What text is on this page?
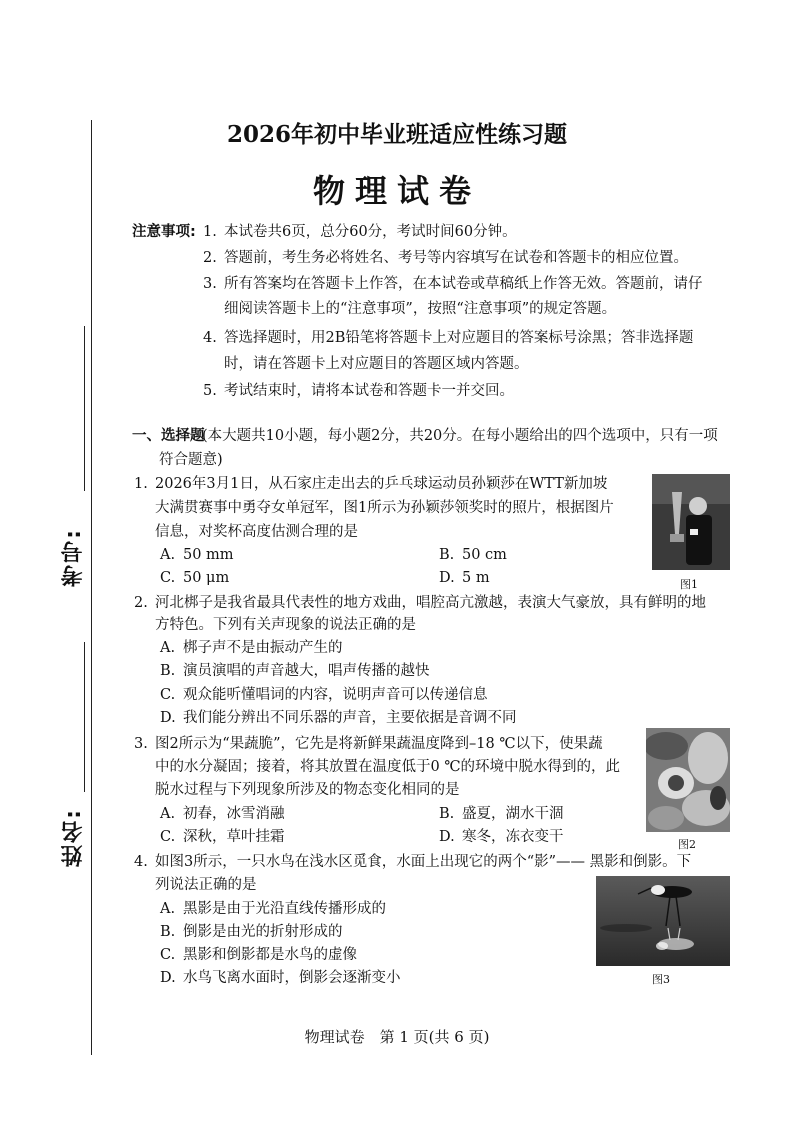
考号:
姓名:
2026年初中毕业班适应性练习题
物理试卷
注意事项: 1. 本试卷共6页，总分60分，考试时间60分钟。
2. 答题前，考生务必将姓名、考号等内容填写在试卷和答题卡的相应位置。
3. 所有答案均在答题卡上作答，在本试卷或草稿纸上作答无效。答题前，请仔
细阅读答题卡上的“注意事项”，按照“注意事项”的规定答题。
4. 答选择题时，用2B铅笔将答题卡上对应题目的答案标号涂黑；答非选择题
时，请在答题卡上对应题目的答题区域内答题。
5. 考试结束时，请将本试卷和答题卡一并交回。
一、选择题
(本大题共10小题，每小题2分，共20分。在每小题给出的四个选项中，只有一项
符合题意)
1. 2026年3月1日，从石家庄走出去的乒乓球运动员孙颖莎在WTT新加坡
大满贯赛事中勇夺女单冠军，图1所示为孙颖莎领奖时的照片，根据图片
信息，对奖杯高度估测合理的是
A. 50 mm	B. 50 cm
C. 50 μm	D. 5 m	图1
2. 河北梆子是我省最具代表性的地方戏曲，唱腔高亢激越，表演大气豪放，具有鲜明的地
方特色。下列有关声现象的说法正确的是
A. 梆子声不是由振动产生的
B. 演员演唱的声音越大，唱声传播的越快
C. 观众能听懂唱词的内容，说明声音可以传递信息
D. 我们能分辨出不同乐器的声音，主要依据是音调不同
3. 图2所示为“果蔬脆”，它先是将新鲜果蔬温度降到–18 ℃以下，使果蔬
中的水分凝固；接着，将其放置在温度低于0 ℃的环境中脱水得到的，此
脱水过程与下列现象所涉及的物态变化相同的是
A. 初春，冰雪消融	B. 盛夏，湖水干涸
C. 深秋，草叶挂霜	D. 寒冬，冻衣变干	图2
4. 如图3所示，一只水鸟在浅水区觅食，水面上出现它的两个“影”—— 黑影和倒影。下
列说法正确的是
A. 黑影是由于光沿直线传播形成的
B. 倒影是由光的折射形成的
C. 黑影和倒影都是水鸟的虚像
D. 水鸟飞离水面时，倒影会逐渐变小	图3
物理试卷　第 1 页(共 6 页)
